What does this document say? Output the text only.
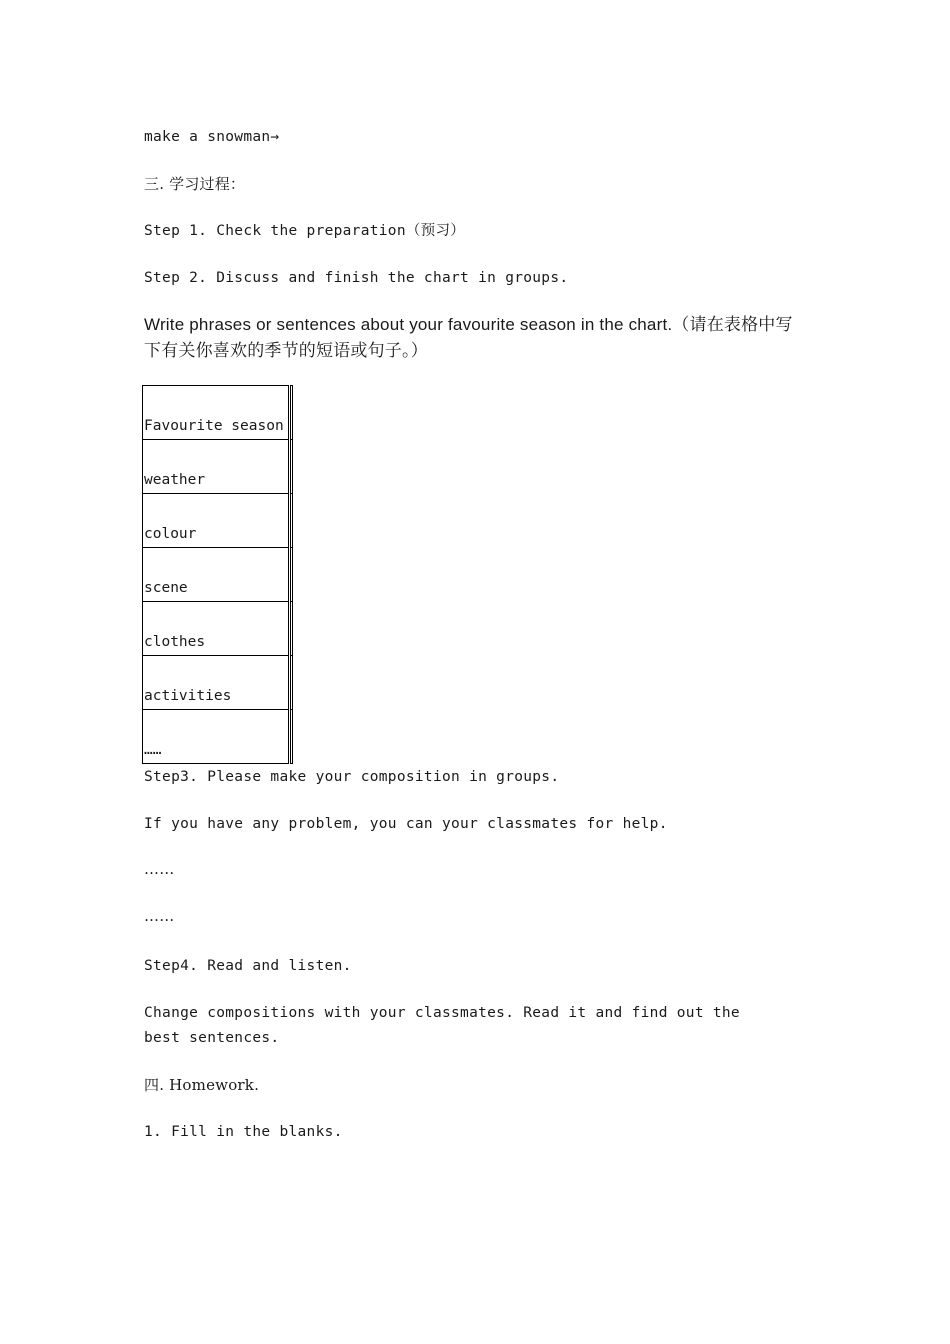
make a snowman→
三. 学习过程：
Step 1. Check the preparation（预习）
Step 2. Discuss and finish the chart in groups.
Write phrases or sentences about your favourite season in the chart.（请在表格中写下有关你喜欢的季节的短语或句子。）
Favourite season	
weather	
colour	
scene	
clothes	
activities	
……	
Step3. Please make your composition in groups.
If you have any problem, you can your classmates for help.
……
……
Step4. Read and listen.
Change compositions with your classmates. Read it and find out the best sentences.
四. Homework.
1. Fill in the blanks.
